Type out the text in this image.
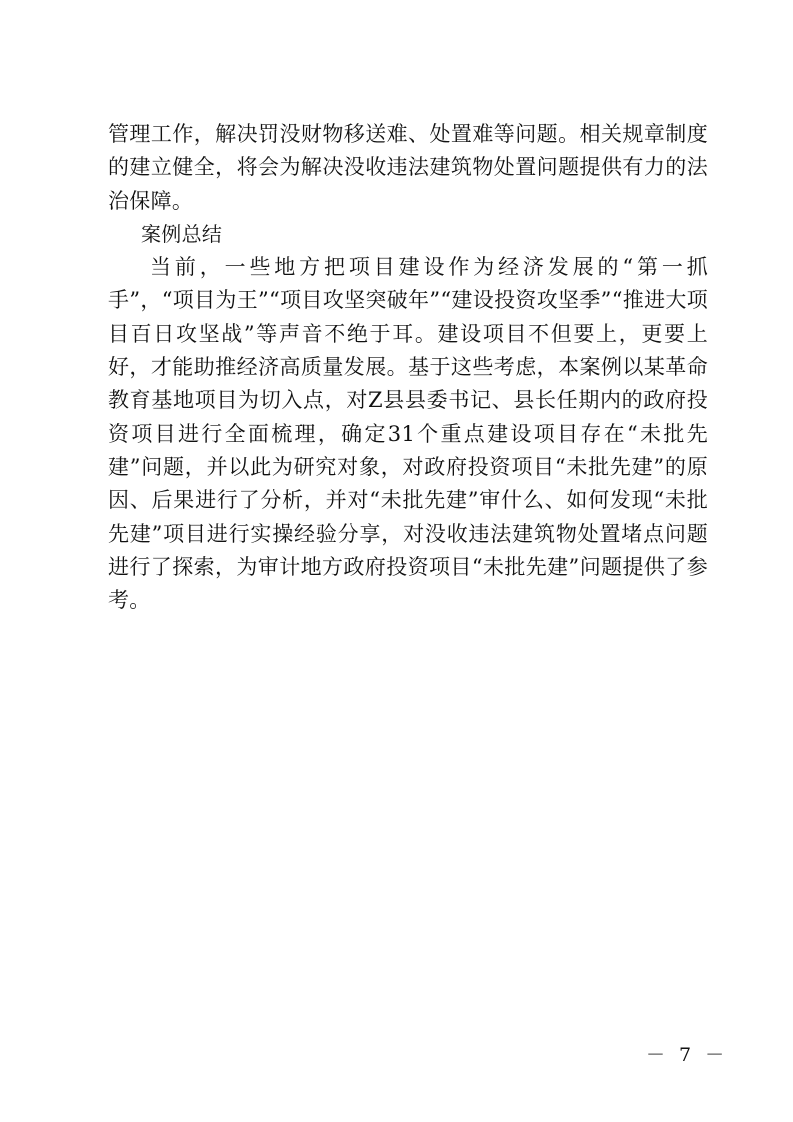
管理工作，解决罚没财物移送难、处置难等问题。相关规章制度的建立健全，将会为解决没收违法建筑物处置问题提供有力的法治保障。

案例总结

当前，一些地方把项目建设作为经济发展的“第一抓手”，“项目为王”“项目攻坚突破年”“建设投资攻坚季”“推进大项目百日攻坚战”等声音不绝于耳。建设项目不但要上，更要上好，才能助推经济高质量发展。基于这些考虑，本案例以某革命教育基地项目为切入点，对Z县县委书记、县长任期内的政府投资项目进行全面梳理，确定31个重点建设项目存在“未批先建”问题，并以此为研究对象，对政府投资项目“未批先建”的原因、后果进行了分析，并对“未批先建”审什么、如何发现“未批先建”项目进行实操经验分享，对没收违法建筑物处置堵点问题进行了探索，为审计地方政府投资项目“未批先建”问题提供了参考。

－ 7 －
